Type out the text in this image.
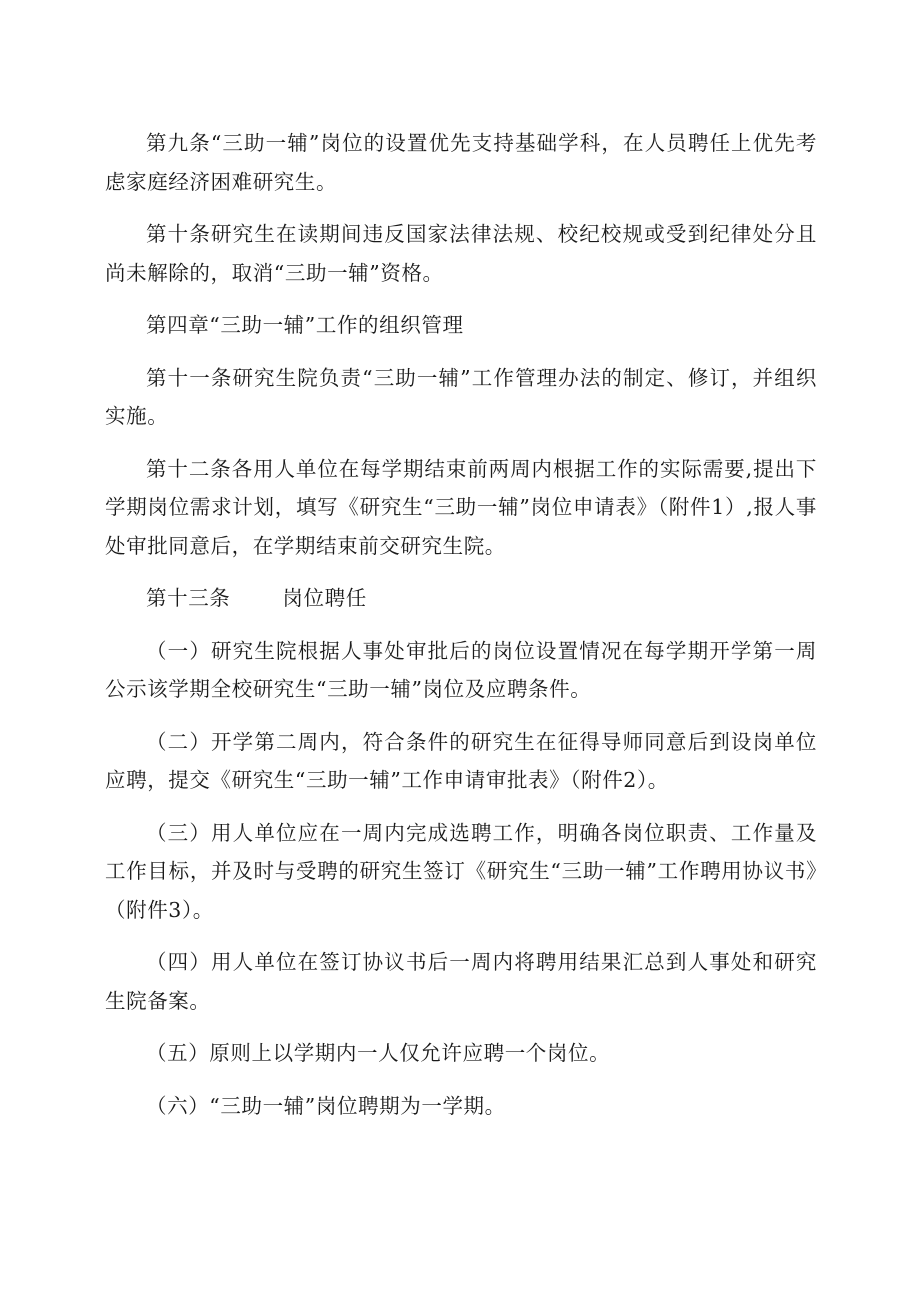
第九条“三助一辅”岗位的设置优先支持基础学科，在人员聘任上优先考虑家庭经济困难研究生。

第十条研究生在读期间违反国家法律法规、校纪校规或受到纪律处分且尚未解除的，取消“三助一辅”资格。

第四章“三助一辅”工作的组织管理

第十一条研究生院负责“三助一辅”工作管理办法的制定、修订，并组织实施。

第十二条各用人单位在每学期结束前两周内根据工作的实际需要,提出下学期岗位需求计划，填写《研究生“三助一辅”岗位申请表》（附件1）,报人事处审批同意后，在学期结束前交研究生院。

第十三条	岗位聘任

（一）研究生院根据人事处审批后的岗位设置情况在每学期开学第一周公示该学期全校研究生“三助一辅”岗位及应聘条件。

（二）开学第二周内，符合条件的研究生在征得导师同意后到设岗单位应聘，提交《研究生“三助一辅”工作申请审批表》（附件2）。

（三）用人单位应在一周内完成选聘工作，明确各岗位职责、工作量及工作目标，并及时与受聘的研究生签订《研究生“三助一辅”工作聘用协议书》（附件3）。

（四）用人单位在签订协议书后一周内将聘用结果汇总到人事处和研究生院备案。

（五）原则上以学期内一人仅允许应聘一个岗位。

（六）“三助一辅”岗位聘期为一学期。
